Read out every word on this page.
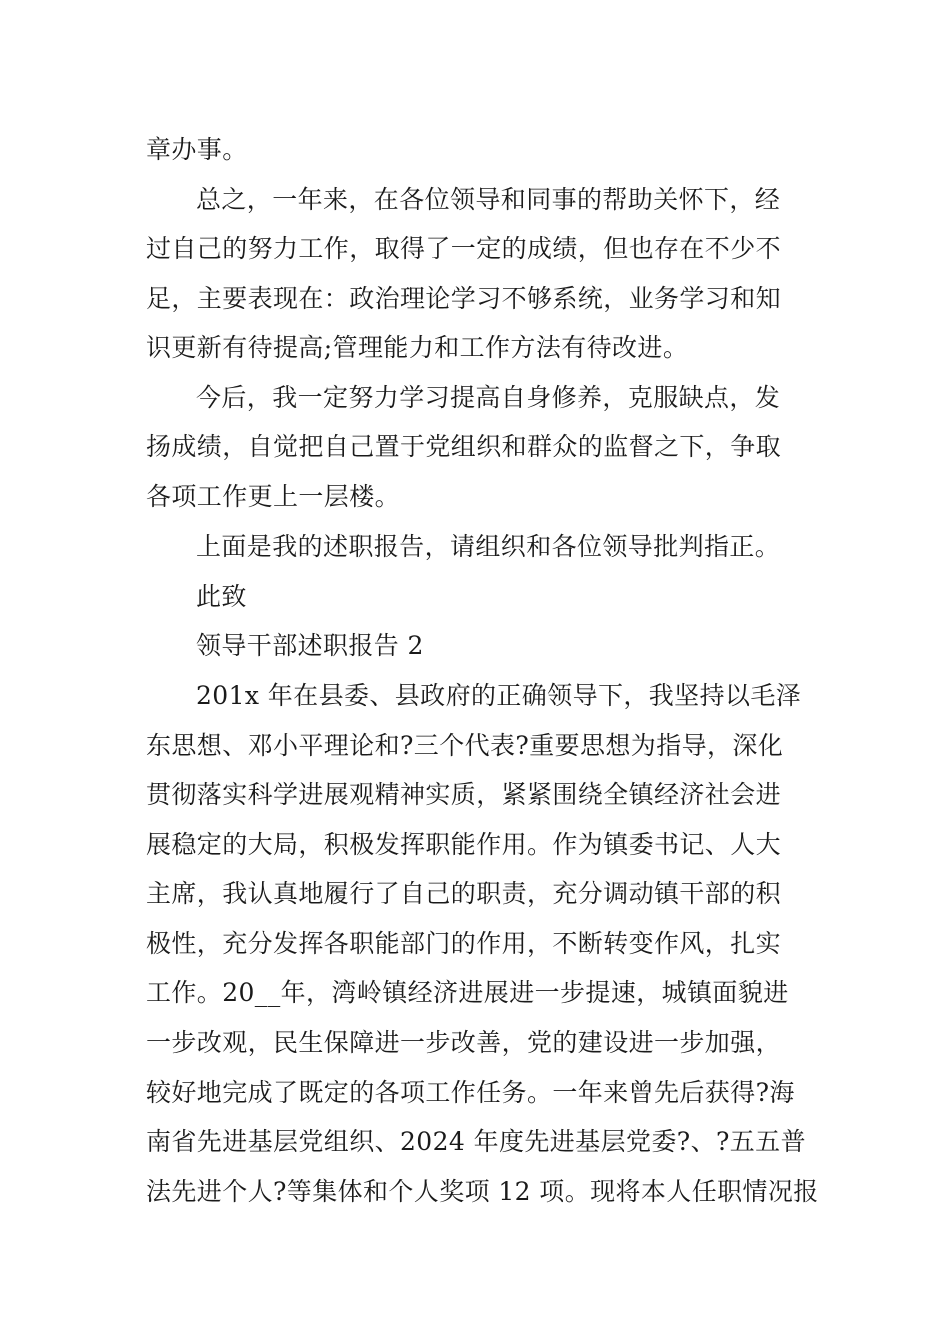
章办事。
总之，一年来，在各位领导和同事的帮助关怀下，经
过自己的努力工作，取得了一定的成绩，但也存在不少不
足，主要表现在：政治理论学习不够系统，业务学习和知
识更新有待提高;管理能力和工作方法有待改进。
今后，我一定努力学习提高自身修养，克服缺点，发
扬成绩，自觉把自己置于党组织和群众的监督之下，争取
各项工作更上一层楼。
上面是我的述职报告，请组织和各位领导批判指正。
此致
领导干部述职报告 2
201x 年在县委、县政府的正确领导下，我坚持以毛泽
东思想、邓小平理论和?三个代表?重要思想为指导，深化
贯彻落实科学进展观精神实质，紧紧围绕全镇经济社会进
展稳定的大局，积极发挥职能作用。作为镇委书记、人大
主席，我认真地履行了自己的职责，充分调动镇干部的积
极性，充分发挥各职能部门的作用，不断转变作风，扎实
工作。20__年，湾岭镇经济进展进一步提速，城镇面貌进
一步改观，民生保障进一步改善，党的建设进一步加强，
较好地完成了既定的各项工作任务。一年来曾先后获得?海
南省先进基层党组织、2024 年度先进基层党委?、?五五普
法先进个人?等集体和个人奖项 12 项。现将本人任职情况报
